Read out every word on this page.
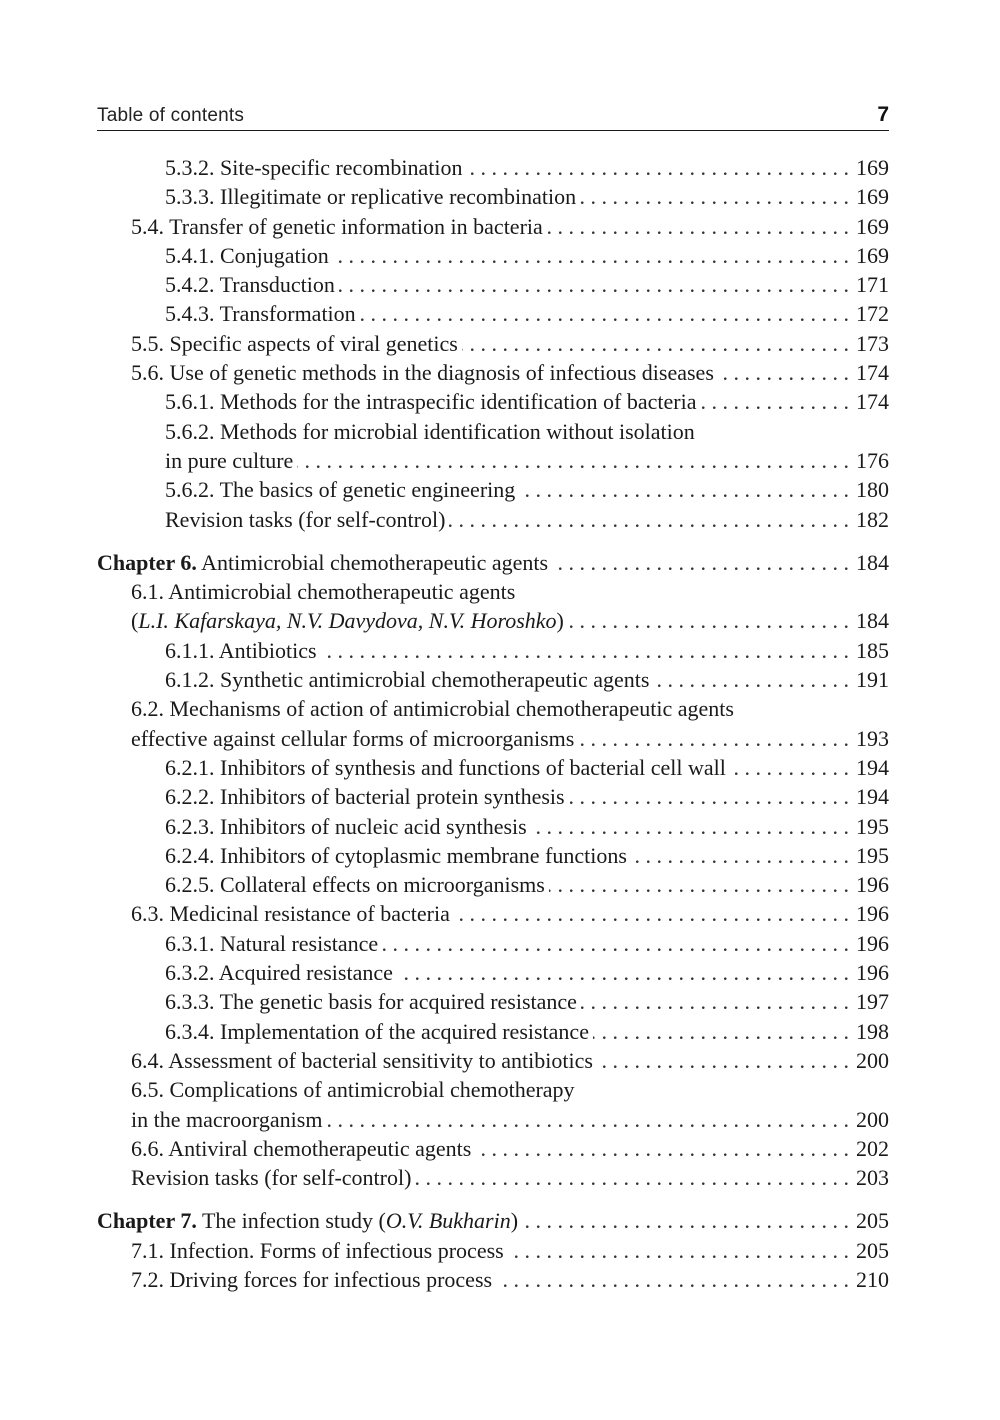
Table of contents	7
5.3.2. Site-specific recombination . . .	169
5.3.3. Illegitimate or replicative recombination . . .	169
5.4. Transfer of genetic information in bacteria . . .	169
5.4.1. Conjugation . . .	169
5.4.2. Transduction . . .	171
5.4.3. Transformation . . .	172
5.5. Specific aspects of viral genetics . . .	173
5.6. Use of genetic methods in the diagnosis of infectious diseases . . .	174
5.6.1. Methods for the intraspecific identification of bacteria . . .	174
5.6.2. Methods for microbial identification without isolation
in pure culture . . .	176
5.6.2. The basics of genetic engineering . . .	180
Revision tasks (for self-control) . . .	182
Chapter 6. Antimicrobial chemotherapeutic agents . . .	184
6.1. Antimicrobial chemotherapeutic agents
(L.I. Kafarskaya, N.V. Davydova, N.V. Horoshko) . . .	184
6.1.1. Antibiotics . . .	185
6.1.2. Synthetic antimicrobial chemotherapeutic agents . . .	191
6.2. Mechanisms of action of antimicrobial chemotherapeutic agents
effective against cellular forms of microorganisms . . .	193
6.2.1. Inhibitors of synthesis and functions of bacterial cell wall . . .	194
6.2.2. Inhibitors of bacterial protein synthesis . . .	194
6.2.3. Inhibitors of nucleic acid synthesis . . .	195
6.2.4. Inhibitors of cytoplasmic membrane functions . . .	195
6.2.5. Collateral effects on microorganisms . . .	196
6.3. Medicinal resistance of bacteria . . .	196
6.3.1. Natural resistance . . .	196
6.3.2. Acquired resistance . . .	196
6.3.3. The genetic basis for acquired resistance . . .	197
6.3.4. Implementation of the acquired resistance . . .	198
6.4. Assessment of bacterial sensitivity to antibiotics . . .	200
6.5. Complications of antimicrobial chemotherapy
in the macroorganism . . .	200
6.6. Antiviral chemotherapeutic agents . . .	202
Revision tasks (for self-control) . . .	203
Chapter 7. The infection study (O.V. Bukharin) . . .	205
7.1. Infection. Forms of infectious process . . .	205
7.2. Driving forces for infectious process . . .	210
